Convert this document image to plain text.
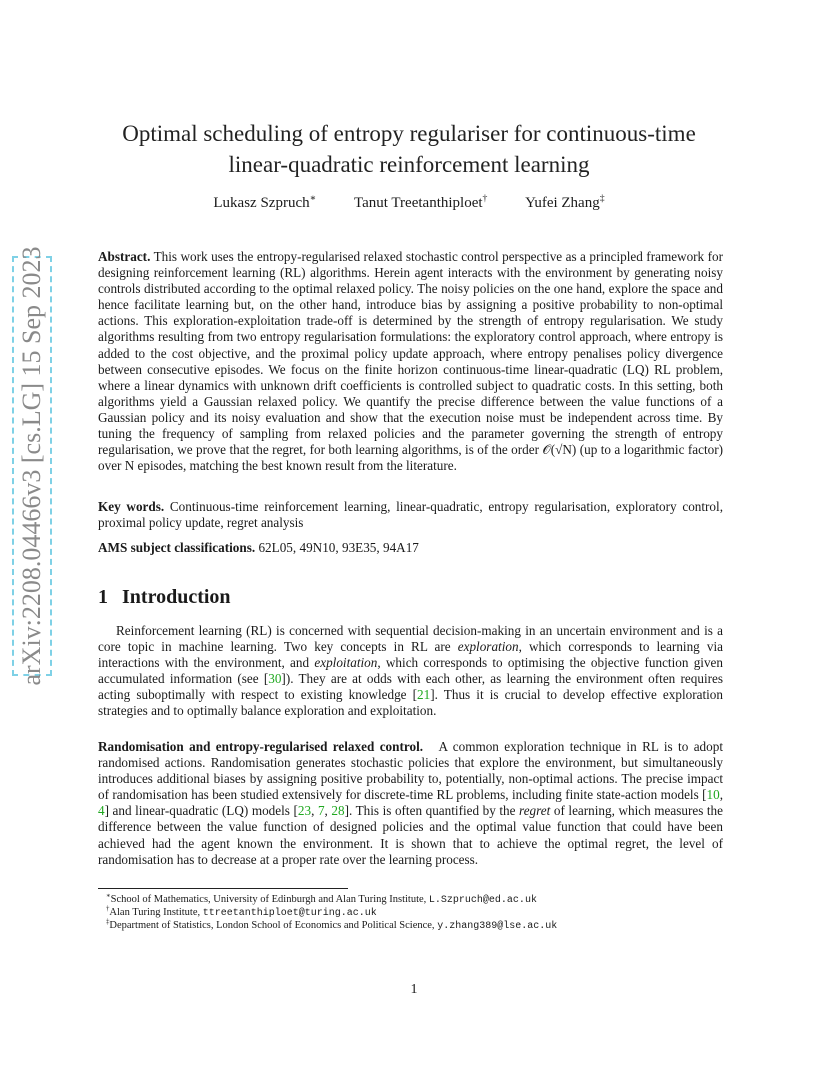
arXiv:2208.04466v3 [cs.LG] 15 Sep 2023
Optimal scheduling of entropy regulariser for continuous-time
linear-quadratic reinforcement learning
Lukasz Szpruch∗	Tanut Treetanthiploet†	Yufei Zhang‡

Abstract. This work uses the entropy-regularised relaxed stochastic control perspective as a principled framework for designing reinforcement learning (RL) algorithms. Herein agent interacts with the environment by generating noisy controls distributed according to the optimal relaxed policy. The noisy policies on the one hand, explore the space and hence facilitate learning but, on the other hand, introduce bias by assigning a positive probability to non-optimal actions. This exploration-exploitation trade-off is determined by the strength of entropy regularisation. We study algorithms resulting from two entropy regularisation formulations: the exploratory control approach, where entropy is added to the cost objective, and the proximal policy update approach, where entropy penalises policy divergence between consecutive episodes. We focus on the finite horizon continuous-time linear-quadratic (LQ) RL problem, where a linear dynamics with unknown drift coefficients is controlled subject to quadratic costs. In this setting, both algorithms yield a Gaussian relaxed policy. We quantify the precise difference between the value functions of a Gaussian policy and its noisy evaluation and show that the execution noise must be independent across time. By tuning the frequency of sampling from relaxed policies and the parameter governing the strength of entropy regularisation, we prove that the regret, for both learning algorithms, is of the order 𝒪(√N) (up to a logarithmic factor) over N episodes, matching the best known result from the literature.

Key words. Continuous-time reinforcement learning, linear-quadratic, entropy regularisation, exploratory control, proximal policy update, regret analysis

AMS subject classifications. 62L05, 49N10, 93E35, 94A17

1 Introduction

Reinforcement learning (RL) is concerned with sequential decision-making in an uncertain environment and is a core topic in machine learning. Two key concepts in RL are exploration, which corresponds to learning via interactions with the environment, and exploitation, which corresponds to optimising the objective function given accumulated information (see [30]). They are at odds with each other, as learning the environment often requires acting suboptimally with respect to existing knowledge [21]. Thus it is crucial to develop effective exploration strategies and to optimally balance exploration and exploitation.

Randomisation and entropy-regularised relaxed control. A common exploration technique in RL is to adopt randomised actions. Randomisation generates stochastic policies that explore the environment, but simultaneously introduces additional biases by assigning positive probability to, potentially, non-optimal actions. The precise impact of randomisation has been studied extensively for discrete-time RL problems, including finite state-action models [10, 4] and linear-quadratic (LQ) models [23, 7, 28]. This is often quantified by the regret of learning, which measures the difference between the value function of designed policies and the optimal value function that could have been achieved had the agent known the environment. It is shown that to achieve the optimal regret, the level of randomisation has to decrease at a proper rate over the learning process.

∗School of Mathematics, University of Edinburgh and Alan Turing Institute, L.Szpruch@ed.ac.uk
†Alan Turing Institute, ttreetanthiploet@turing.ac.uk
‡Department of Statistics, London School of Economics and Political Science, y.zhang389@lse.ac.uk
1
